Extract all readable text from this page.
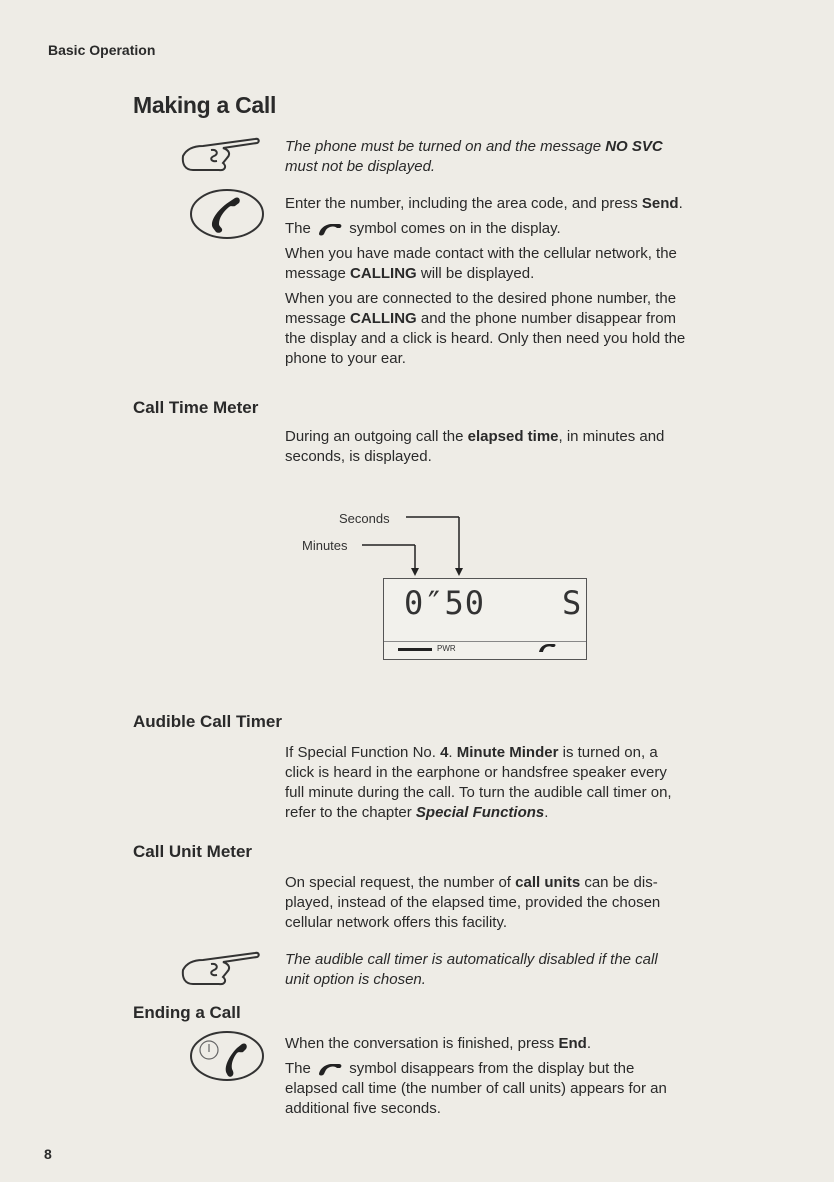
Basic Operation
Making a Call
The phone must be turned on and the message NO SVC
must not be displayed.
Enter the number, including the area code, and press Send.
The	symbol comes on in the display.
When you have made contact with the cellular network, the
message CALLING will be displayed.
When you are connected to the desired phone number, the
message CALLING and the phone number disappear from
the display and a click is heard. Only then need you hold the
phone to your ear.
Call Time Meter
During an outgoing call the elapsed time, in minutes and
seconds, is displayed.
Seconds
Minutes
0″50 S
PWR
Audible Call Timer
If Special Function No. 4. Minute Minder is turned on, a
click is heard in the earphone or handsfree speaker every
full minute during the call. To turn the audible call timer on,
refer to the chapter Special Functions.
Call Unit Meter
On special request, the number of call units can be dis-
played, instead of the elapsed time, provided the chosen
cellular network offers this facility.
The audible call timer is automatically disabled if the call
unit option is chosen.
Ending a Call
When the conversation is finished, press End.
The	symbol disappears from the display but the
elapsed call time (the number of call units) appears for an
additional five seconds.
8
